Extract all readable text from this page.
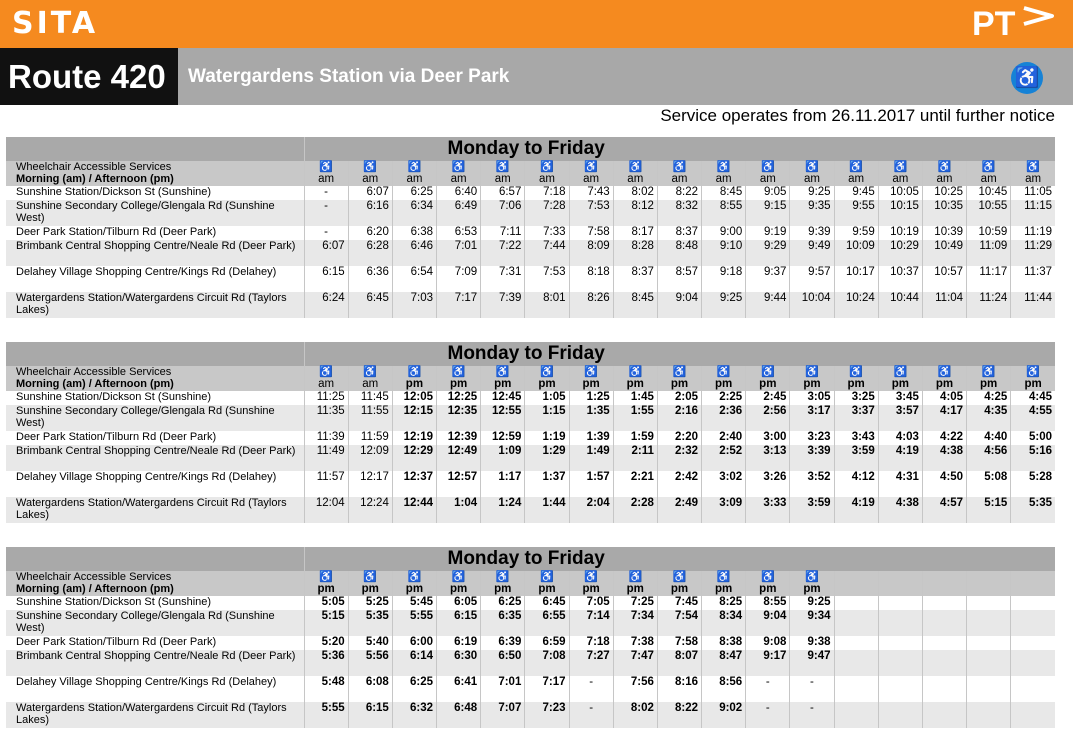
SITA	PT
Route 420	Watergardens Station via Deer Park	♿
Service operates from 26.11.2017 until further notice
	Monday to Friday																
Wheelchair Accessible Services	♿	♿	♿	♿	♿	♿	♿	♿	♿	♿	♿	♿	♿	♿	♿	♿	♿
Morning (am) / Afternoon (pm)	am	am	am	am	am	am	am	am	am	am	am	am	am	am	am	am	am
Sunshine Station/Dickson St (Sunshine)	-	6:07	6:25	6:40	6:57	7:18	7:43	8:02	8:22	8:45	9:05	9:25	9:45	10:05	10:25	10:45	11:05
Sunshine Secondary College/Glengala Rd (Sunshine West)	-	6:16	6:34	6:49	7:06	7:28	7:53	8:12	8:32	8:55	9:15	9:35	9:55	10:15	10:35	10:55	11:15
Deer Park Station/Tilburn Rd (Deer Park)	-	6:20	6:38	6:53	7:11	7:33	7:58	8:17	8:37	9:00	9:19	9:39	9:59	10:19	10:39	10:59	11:19
Brimbank Central Shopping Centre/Neale Rd (Deer Park)	6:07	6:28	6:46	7:01	7:22	7:44	8:09	8:28	8:48	9:10	9:29	9:49	10:09	10:29	10:49	11:09	11:29
Delahey Village Shopping Centre/Kings Rd (Delahey)	6:15	6:36	6:54	7:09	7:31	7:53	8:18	8:37	8:57	9:18	9:37	9:57	10:17	10:37	10:57	11:17	11:37
Watergardens Station/Watergardens Circuit Rd (Taylors Lakes)	6:24	6:45	7:03	7:17	7:39	8:01	8:26	8:45	9:04	9:25	9:44	10:04	10:24	10:44	11:04	11:24	11:44
	Monday to Friday																
Wheelchair Accessible Services	♿	♿	♿	♿	♿	♿	♿	♿	♿	♿	♿	♿	♿	♿	♿	♿	♿
Morning (am) / Afternoon (pm)	am	am	pm	pm	pm	pm	pm	pm	pm	pm	pm	pm	pm	pm	pm	pm	pm
Sunshine Station/Dickson St (Sunshine)	11:25	11:45	12:05	12:25	12:45	1:05	1:25	1:45	2:05	2:25	2:45	3:05	3:25	3:45	4:05	4:25	4:45
Sunshine Secondary College/Glengala Rd (Sunshine West)	11:35	11:55	12:15	12:35	12:55	1:15	1:35	1:55	2:16	2:36	2:56	3:17	3:37	3:57	4:17	4:35	4:55
Deer Park Station/Tilburn Rd (Deer Park)	11:39	11:59	12:19	12:39	12:59	1:19	1:39	1:59	2:20	2:40	3:00	3:23	3:43	4:03	4:22	4:40	5:00
Brimbank Central Shopping Centre/Neale Rd (Deer Park)	11:49	12:09	12:29	12:49	1:09	1:29	1:49	2:11	2:32	2:52	3:13	3:39	3:59	4:19	4:38	4:56	5:16
Delahey Village Shopping Centre/Kings Rd (Delahey)	11:57	12:17	12:37	12:57	1:17	1:37	1:57	2:21	2:42	3:02	3:26	3:52	4:12	4:31	4:50	5:08	5:28
Watergardens Station/Watergardens Circuit Rd (Taylors Lakes)	12:04	12:24	12:44	1:04	1:24	1:44	2:04	2:28	2:49	3:09	3:33	3:59	4:19	4:38	4:57	5:15	5:35
	Monday to Friday																
Wheelchair Accessible Services	♿	♿	♿	♿	♿	♿	♿	♿	♿	♿	♿	♿					
Morning (am) / Afternoon (pm)	pm	pm	pm	pm	pm	pm	pm	pm	pm	pm	pm	pm					
Sunshine Station/Dickson St (Sunshine)	5:05	5:25	5:45	6:05	6:25	6:45	7:05	7:25	7:45	8:25	8:55	9:25					
Sunshine Secondary College/Glengala Rd (Sunshine West)	5:15	5:35	5:55	6:15	6:35	6:55	7:14	7:34	7:54	8:34	9:04	9:34					
Deer Park Station/Tilburn Rd (Deer Park)	5:20	5:40	6:00	6:19	6:39	6:59	7:18	7:38	7:58	8:38	9:08	9:38					
Brimbank Central Shopping Centre/Neale Rd (Deer Park)	5:36	5:56	6:14	6:30	6:50	7:08	7:27	7:47	8:07	8:47	9:17	9:47					
Delahey Village Shopping Centre/Kings Rd (Delahey)	5:48	6:08	6:25	6:41	7:01	7:17	-	7:56	8:16	8:56	-	-					
Watergardens Station/Watergardens Circuit Rd (Taylors Lakes)	5:55	6:15	6:32	6:48	7:07	7:23	-	8:02	8:22	9:02	-	-					
